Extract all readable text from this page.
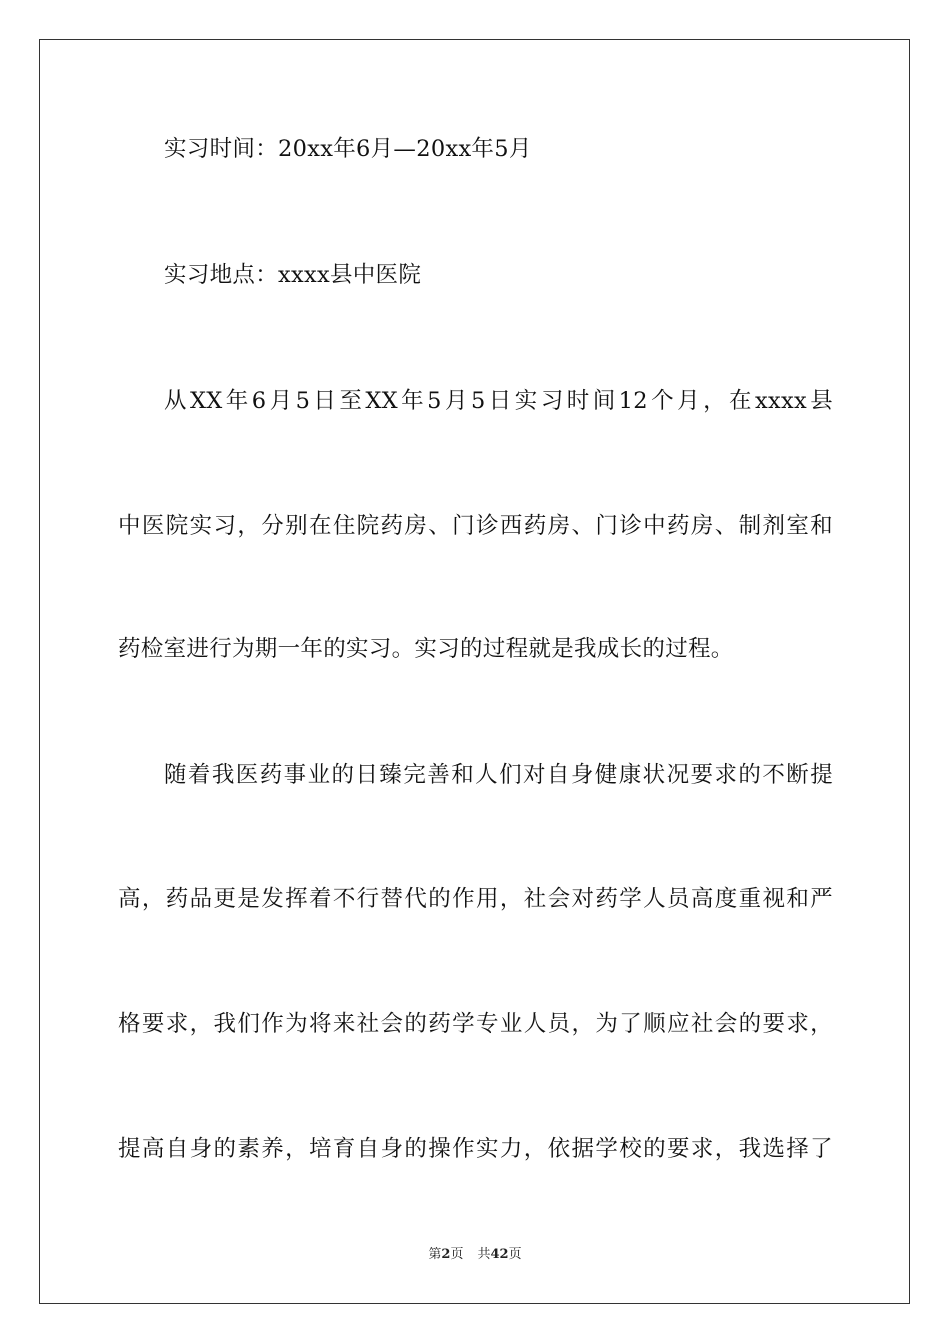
实习时间：20xx年6月—20xx年5月
实习地点：xxxx县中医院
从XX年6月5日至XX年5月5日实习时间12个月，在xxxx县
中医院实习，分别在住院药房、门诊西药房、门诊中药房、制剂室和
药检室进行为期一年的实习。实习的过程就是我成长的过程。
随着我医药事业的日臻完善和人们对自身健康状况要求的不断提
高，药品更是发挥着不行替代的作用，社会对药学人员高度重视和严
格要求，我们作为将来社会的药学专业人员，为了顺应社会的要求，
提高自身的素养，培育自身的操作实力，依据学校的要求，我选择了
第2页 共42页
